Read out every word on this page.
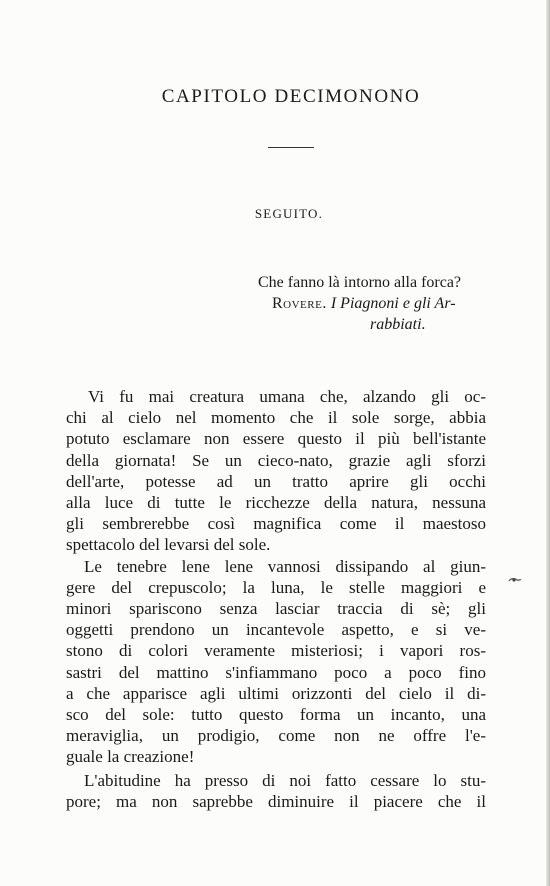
CAPITOLO DECIMONONO
SEGUITO.
Che fanno là intorno alla forca?
Rovere. I Piagnoni e gli Ar-
rabbiati.
Vi fu mai creatura umana che, alzando gli oc-
chi al cielo nel momento che il sole sorge, abbia
potuto esclamare non essere questo il più bell'istante
della giornata! Se un cieco-nato, grazie agli sforzi
dell'arte, potesse ad un tratto aprire gli occhi
alla luce di tutte le ricchezze della natura, nessuna
gli sembrerebbe così magnifica come il maestoso
spettacolo del levarsi del sole.
Le tenebre lene lene vannosi dissipando al giun-
gere del crepuscolo; la luna, le stelle maggiori e
minori spariscono senza lasciar traccia di sè; gli
oggetti prendono un incantevole aspetto, e si ve-
stono di colori veramente misteriosi; i vapori ros-
sastri del mattino s'infiammano poco a poco fino
a che apparisce agli ultimi orizzonti del cielo il di-
sco del sole: tutto questo forma un incanto, una
meraviglia, un prodigio, come non ne offre l'e-
guale la creazione!
L'abitudine ha presso di noi fatto cessare lo stu-
pore; ma non saprebbe diminuire il piacere che il
